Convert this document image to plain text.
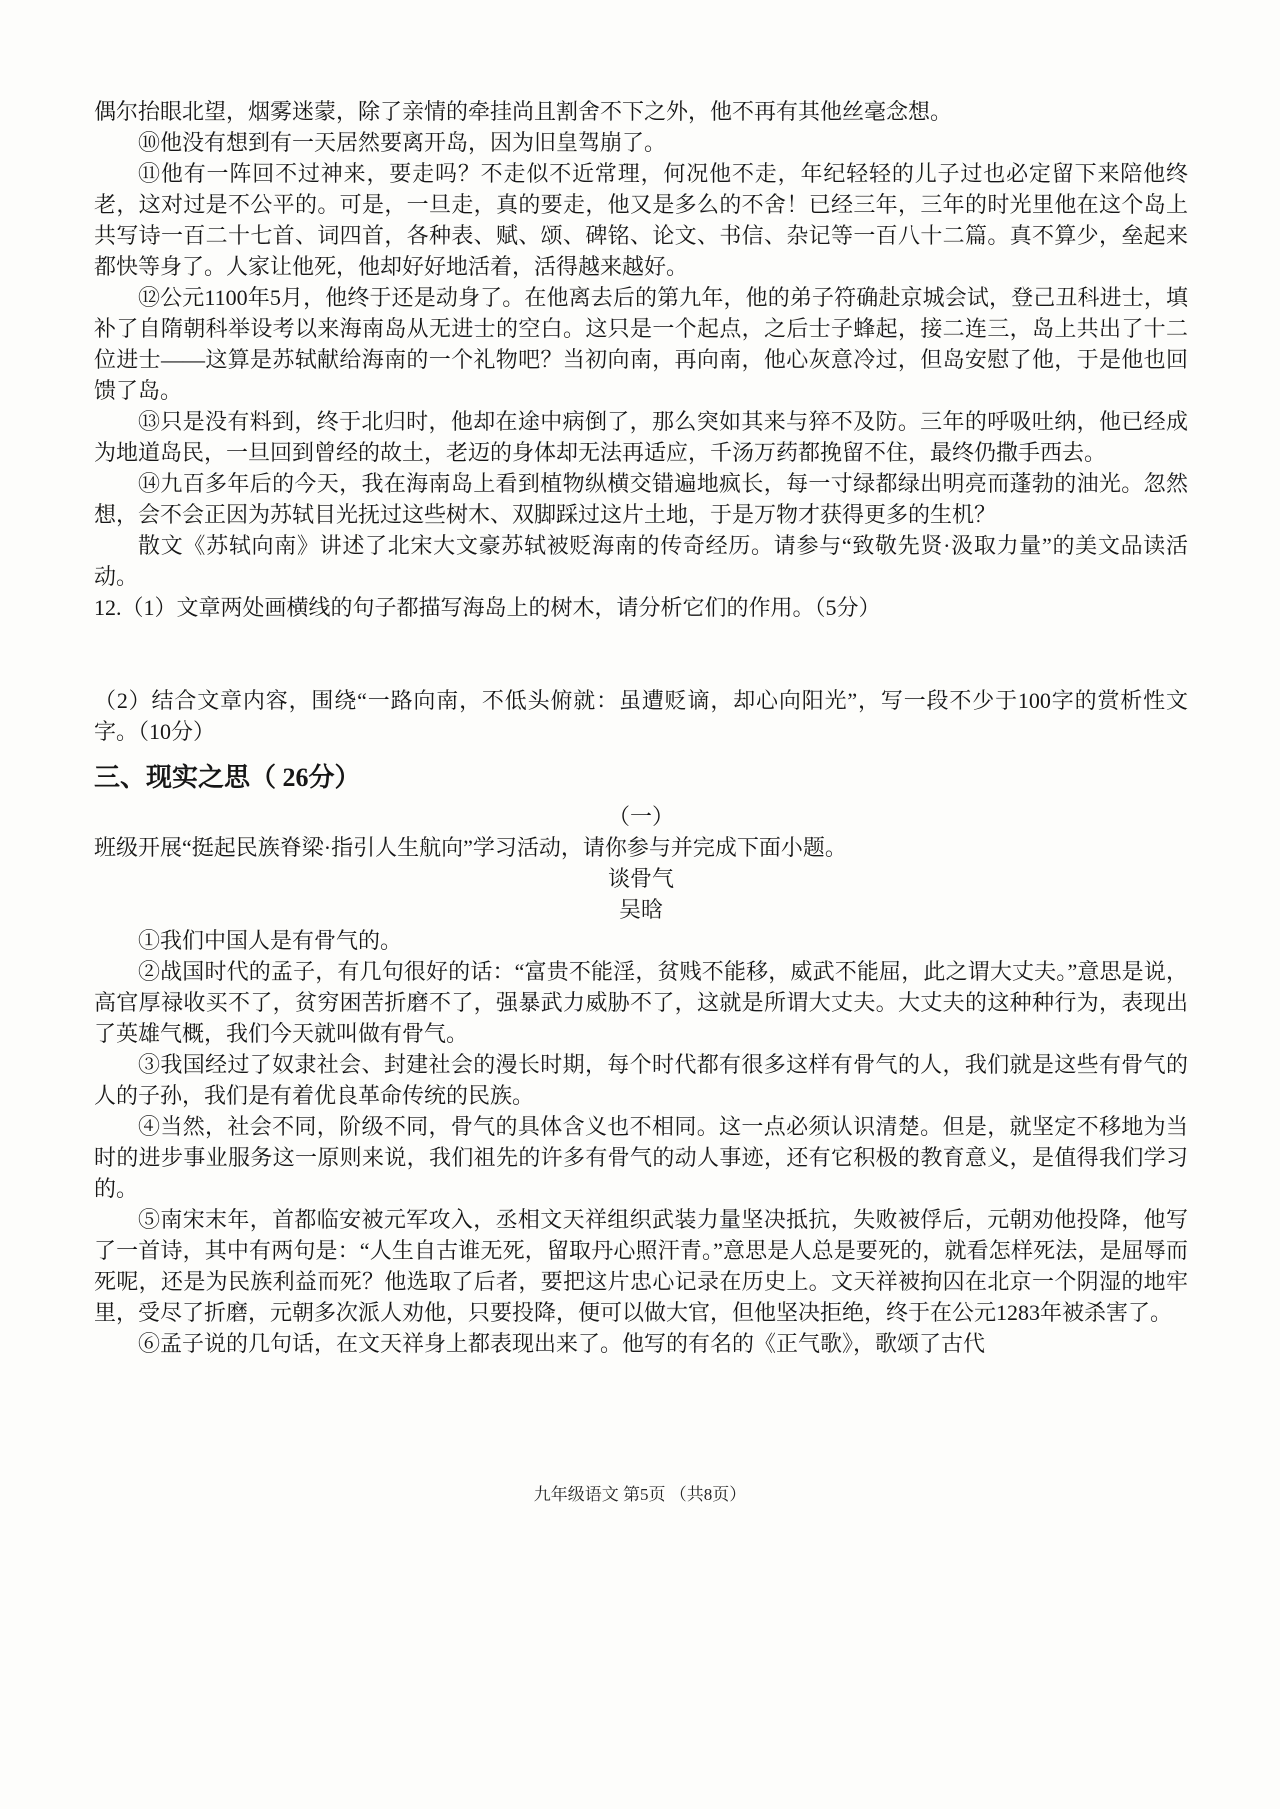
偶尔抬眼北望，烟雾迷蒙，除了亲情的牵挂尚且割舍不下之外，他不再有其他丝毫念想。

⑩他没有想到有一天居然要离开岛，因为旧皇驾崩了。

⑪他有一阵回不过神来，要走吗？不走似不近常理，何况他不走，年纪轻轻的儿子过也必定留下来陪他终老，这对过是不公平的。可是，一旦走，真的要走，他又是多么的不舍！已经三年，三年的时光里他在这个岛上共写诗一百二十七首、词四首，各种表、赋、颂、碑铭、论文、书信、杂记等一百八十二篇。真不算少，垒起来都快等身了。人家让他死，他却好好地活着，活得越来越好。

⑫公元1100年5月，他终于还是动身了。在他离去后的第九年，他的弟子符确赴京城会试，登己丑科进士，填补了自隋朝科举设考以来海南岛从无进士的空白。这只是一个起点，之后士子蜂起，接二连三，岛上共出了十二位进士——这算是苏轼献给海南的一个礼物吧？当初向南，再向南，他心灰意冷过，但岛安慰了他，于是他也回馈了岛。

⑬只是没有料到，终于北归时，他却在途中病倒了，那么突如其来与猝不及防。三年的呼吸吐纳，他已经成为地道岛民，一旦回到曾经的故土，老迈的身体却无法再适应，千汤万药都挽留不住，最终仍撒手西去。

⑭九百多年后的今天，我在海南岛上看到植物纵横交错遍地疯长，每一寸绿都绿出明亮而蓬勃的油光。忽然想，会不会正因为苏轼目光抚过这些树木、双脚踩过这片土地，于是万物才获得更多的生机？

散文《苏轼向南》讲述了北宋大文豪苏轼被贬海南的传奇经历。请参与“致敬先贤·汲取力量”的美文品读活动。

12.（1）文章两处画横线的句子都描写海岛上的树木，请分析它们的作用。（5分）

（2）结合文章内容，围绕“一路向南，不低头俯就：虽遭贬谪，却心向阳光”，写一段不少于100字的赏析性文字。（10分）

三、现实之思（ 26分）

（一）

班级开展“挺起民族脊梁·指引人生航向”学习活动，请你参与并完成下面小题。

谈骨气

吴晗

①我们中国人是有骨气的。

②战国时代的孟子，有几句很好的话：“富贵不能淫，贫贱不能移，威武不能屈，此之谓大丈夫。”意思是说，高官厚禄收买不了，贫穷困苦折磨不了，强暴武力威胁不了，这就是所谓大丈夫。大丈夫的这种种行为，表现出了英雄气概，我们今天就叫做有骨气。

③我国经过了奴隶社会、封建社会的漫长时期，每个时代都有很多这样有骨气的人，我们就是这些有骨气的人的子孙，我们是有着优良革命传统的民族。

④当然，社会不同，阶级不同，骨气的具体含义也不相同。这一点必须认识清楚。但是，就坚定不移地为当时的进步事业服务这一原则来说，我们祖先的许多有骨气的动人事迹，还有它积极的教育意义，是值得我们学习的。

⑤南宋末年，首都临安被元军攻入，丞相文天祥组织武装力量坚决抵抗，失败被俘后，元朝劝他投降，他写了一首诗，其中有两句是：“人生自古谁无死，留取丹心照汗青。”意思是人总是要死的，就看怎样死法，是屈辱而死呢，还是为民族利益而死？他选取了后者，要把这片忠心记录在历史上。文天祥被拘囚在北京一个阴湿的地牢里，受尽了折磨，元朝多次派人劝他，只要投降，便可以做大官，但他坚决拒绝，终于在公元1283年被杀害了。

⑥孟子说的几句话，在文天祥身上都表现出来了。他写的有名的《正气歌》，歌颂了古代

九年级语文 第5页 （共8页）
